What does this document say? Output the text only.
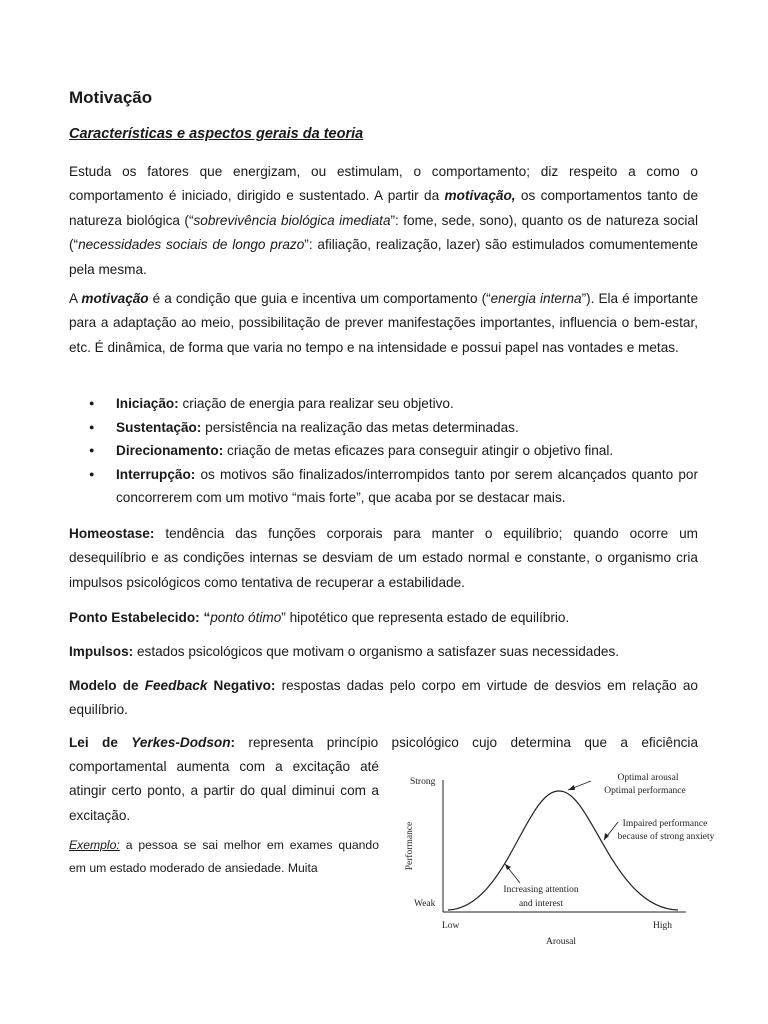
Motivação
Características e aspectos gerais da teoria

Estuda os fatores que energizam, ou estimulam, o comportamento; diz respeito a como o comportamento é iniciado, dirigido e sustentado. A partir da motivação, os comportamentos tanto de natureza biológica (“sobrevivência biológica imediata”: fome, sede, sono), quanto os de natureza social (“necessidades sociais de longo prazo”: afiliação, realização, lazer) são estimulados comumentemente pela mesma.

A motivação é a condição que guia e incentiva um comportamento (“energia interna”). Ela é importante para a adaptação ao meio, possibilitação de prever manifestações importantes, influencia o bem-estar, etc. É dinâmica, de forma que varia no tempo e na intensidade e possui papel nas vontades e metas.

● Iniciação: criação de energia para realizar seu objetivo.
● Sustentação: persistência na realização das metas determinadas.
● Direcionamento: criação de metas eficazes para conseguir atingir o objetivo final.
● Interrupção: os motivos são finalizados/interrompidos tanto por serem alcançados quanto por concorrerem com um motivo “mais forte”, que acaba por se destacar mais.

Homeostase: tendência das funções corporais para manter o equilíbrio; quando ocorre um desequilíbrio e as condições internas se desviam de um estado normal e constante, o organismo cria impulsos psicológicos como tentativa de recuperar a estabilidade.

Ponto Estabelecido: “ponto ótimo” hipotético que representa estado de equilíbrio.

Impulsos: estados psicológicos que motivam o organismo a satisfazer suas necessidades.

Modelo de Feedback Negativo: respostas dadas pelo corpo em virtude de desvios em relação ao equilíbrio.

Lei de Yerkes-Dodson: representa princípio psicológico cujo determina que a eficiência

comportamental aumenta com a excitação até atingir certo ponto, a partir do qual diminui com a excitação.

Exemplo: a pessoa se sai melhor em exames quando em um estado moderado de ansiedade. Muita

Strong
Weak
Low	High
Arousal
Performance
Optimal arousal
Optimal performance
Impaired performance
because of strong anxiety
Increasing attention
and interest
